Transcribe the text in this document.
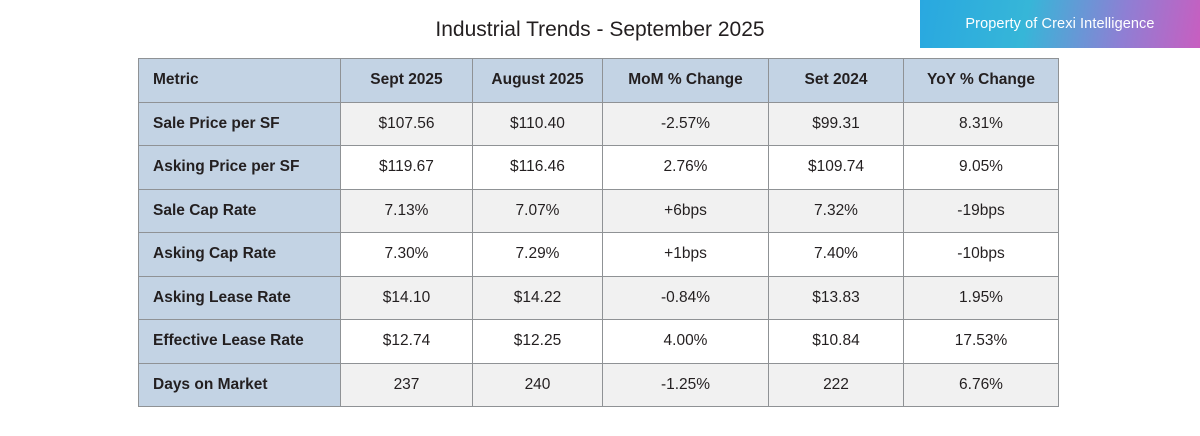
Property of Crexi Intelligence
Industrial Trends - September 2025
Metric	Sept 2025	August 2025	MoM % Change	Set 2024	YoY % Change
Sale Price per SF	$107.56	$110.40	-2.57%	$99.31	8.31%
Asking Price per SF	$119.67	$116.46	2.76%	$109.74	9.05%
Sale Cap Rate	7.13%	7.07%	+6bps	7.32%	-19bps
Asking Cap Rate	7.30%	7.29%	+1bps	7.40%	-10bps
Asking Lease Rate	$14.10	$14.22	-0.84%	$13.83	1.95%
Effective Lease Rate	$12.74	$12.25	4.00%	$10.84	17.53%
Days on Market	237	240	-1.25%	222	6.76%
